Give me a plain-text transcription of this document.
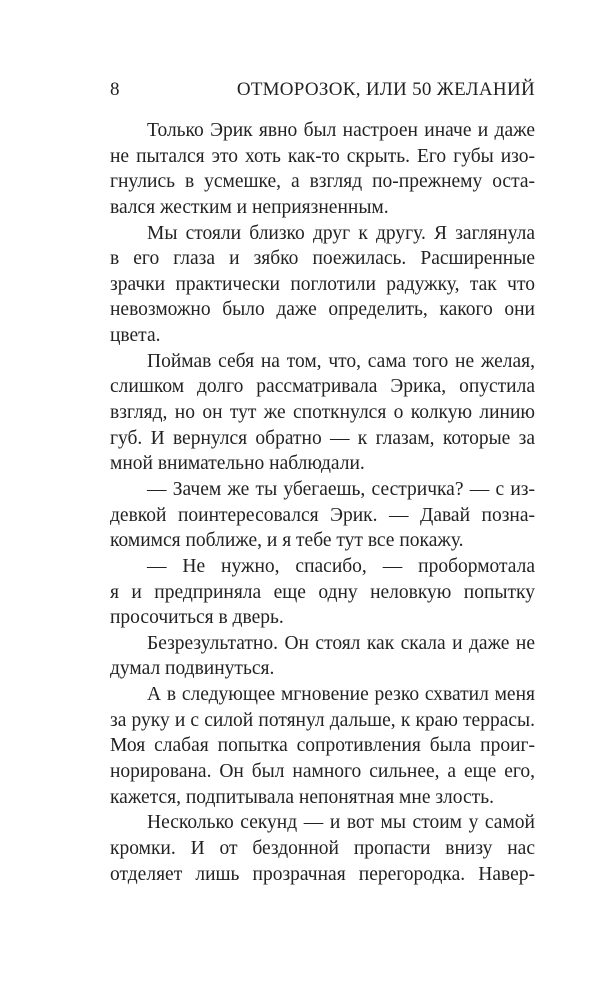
8	ОТМОРОЗОК, ИЛИ 50 ЖЕЛАНИЙ
Только Эрик явно был настроен иначе и даже
не пытался это хоть как-то скрыть. Его губы изо-
гнулись в усмешке, а взгляд по-прежнему оста-
вался жестким и неприязненным.
Мы стояли близко друг к другу. Я заглянула
в его глаза и зябко поежилась. Расширенные
зрачки практически поглотили радужку, так что
невозможно было даже определить, какого они
цвета.
Поймав себя на том, что, сама того не желая,
слишком долго рассматривала Эрика, опустила
взгляд, но он тут же споткнулся о колкую линию
губ. И вернулся обратно — к глазам, которые за
мной внимательно наблюдали.
— Зачем же ты убегаешь, сестричка? — с из-
девкой поинтересовался Эрик. — Давай позна-
комимся поближе, и я тебе тут все покажу.
— Не нужно, спасибо, — пробормотала
я и предприняла еще одну неловкую попытку
просочиться в дверь.
Безрезультатно. Он стоял как скала и даже не
думал подвинуться.
А в следующее мгновение резко схватил меня
за руку и с силой потянул дальше, к краю террасы.
Моя слабая попытка сопротивления была проиг-
норирована. Он был намного сильнее, а еще его,
кажется, подпитывала непонятная мне злость.
Несколько секунд — и вот мы стоим у самой
кромки. И от бездонной пропасти внизу нас
отделяет лишь прозрачная перегородка. Навер-
